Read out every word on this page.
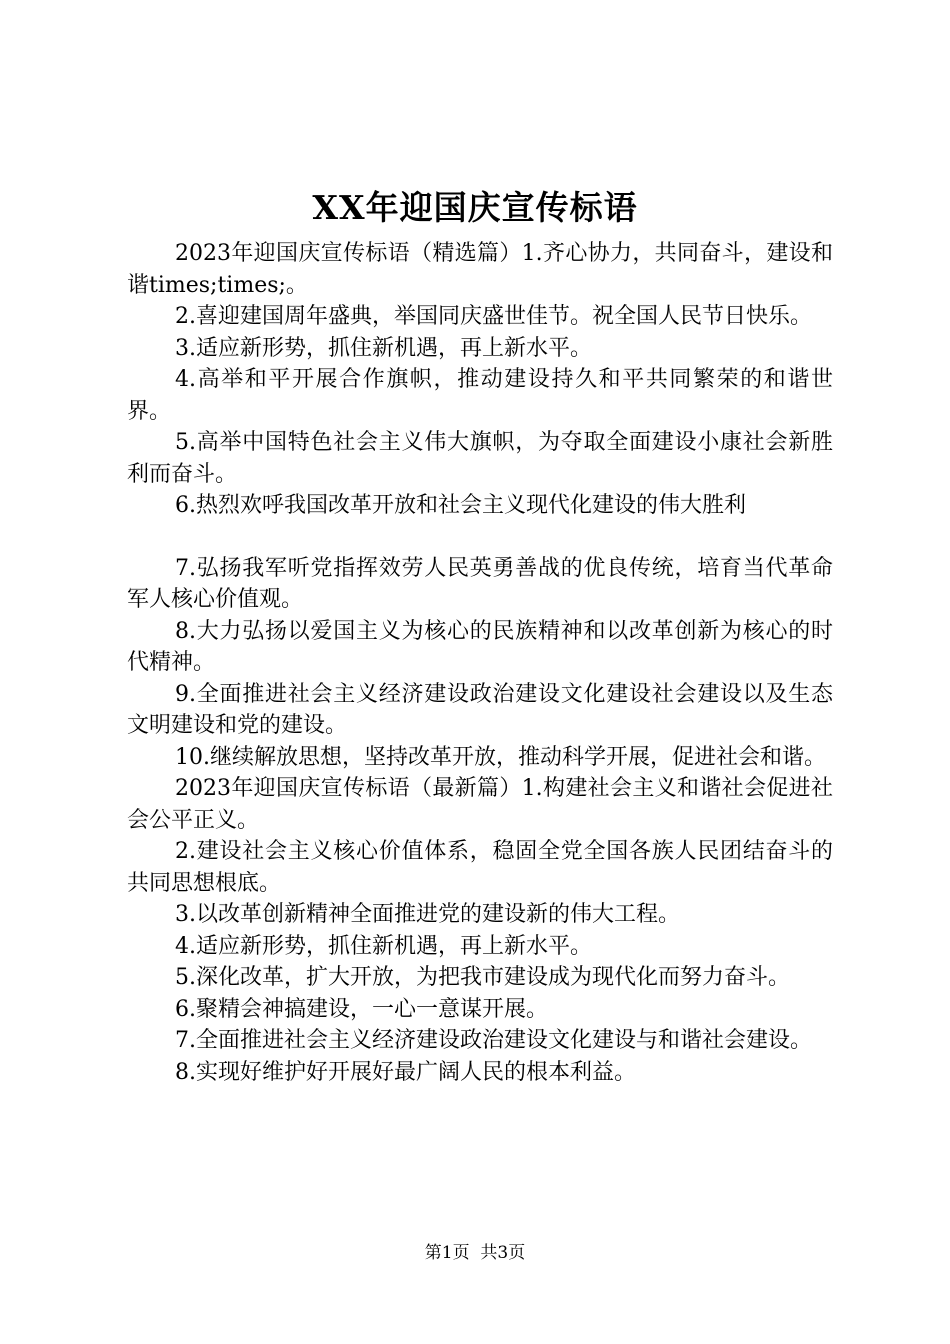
XX年迎国庆宣传标语

2023年迎国庆宣传标语（精选篇）1.齐心协力，共同奋斗，建设和谐times;times;。

2.喜迎建国周年盛典，举国同庆盛世佳节。祝全国人民节日快乐。

3.适应新形势，抓住新机遇，再上新水平。

4.高举和平开展合作旗帜，推动建设持久和平共同繁荣的和谐世界。

5.高举中国特色社会主义伟大旗帜，为夺取全面建设小康社会新胜利而奋斗。

6.热烈欢呼我国改革开放和社会主义现代化建设的伟大胜利

7.弘扬我军听党指挥效劳人民英勇善战的优良传统，培育当代革命军人核心价值观。

8.大力弘扬以爱国主义为核心的民族精神和以改革创新为核心的时代精神。

9.全面推进社会主义经济建设政治建设文化建设社会建设以及生态文明建设和党的建设。

10.继续解放思想，坚持改革开放，推动科学开展，促进社会和谐。

2023年迎国庆宣传标语（最新篇）1.构建社会主义和谐社会促进社会公平正义。

2.建设社会主义核心价值体系，稳固全党全国各族人民团结奋斗的共同思想根底。

3.以改革创新精神全面推进党的建设新的伟大工程。

4.适应新形势，抓住新机遇，再上新水平。

5.深化改革，扩大开放，为把我市建设成为现代化而努力奋斗。

6.聚精会神搞建设，一心一意谋开展。

7.全面推进社会主义经济建设政治建设文化建设与和谐社会建设。

8.实现好维护好开展好最广阔人民的根本利益。

第1页 共3页
